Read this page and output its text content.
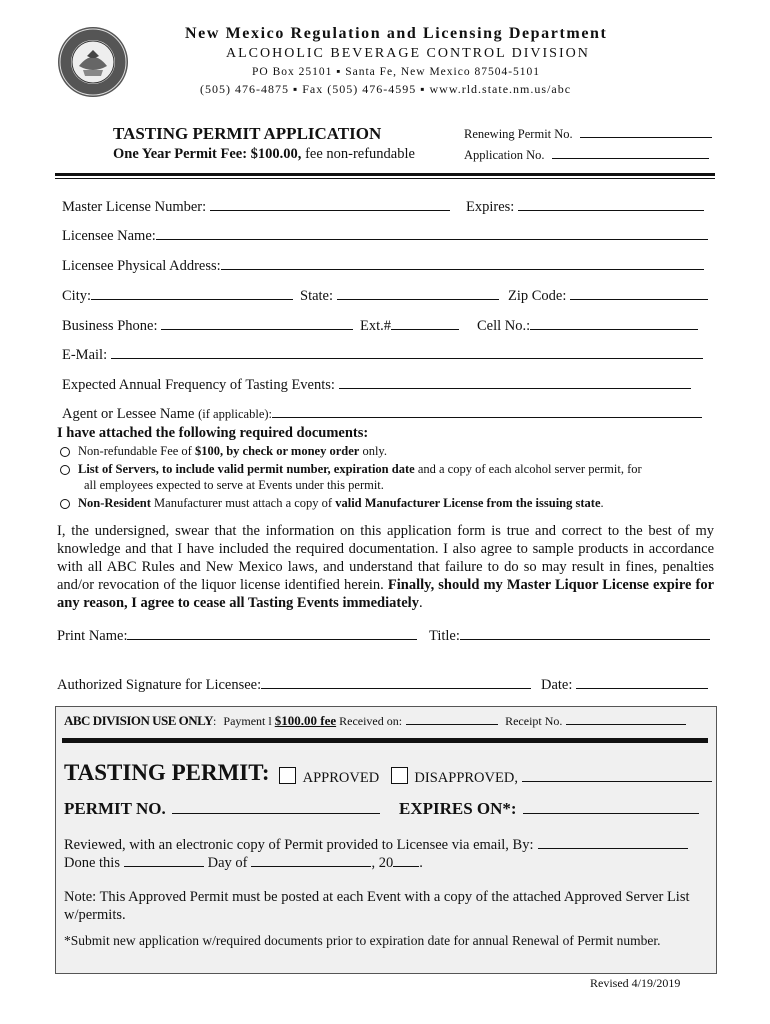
New Mexico Regulation and Licensing Department
ALCOHOLIC BEVERAGE CONTROL DIVISION
PO Box 25101 ▪ Santa Fe, New Mexico 87504-5101
(505) 476-4875 ▪ Fax (505) 476-4595 ▪ www.rld.state.nm.us/abc
TASTING PERMIT APPLICATION
One Year Permit Fee: $100.00, fee non-refundable
Renewing Permit No.
Application No.
Master License Number:	Expires:
Licensee Name:
Licensee Physical Address:
City:	State:	Zip Code:
Business Phone:	Ext.#	Cell No.:
E-Mail:
Expected Annual Frequency of Tasting Events:
Agent or Lessee Name (if applicable):
I have attached the following required documents:
Non-refundable Fee of $100, by check or money order only.
List of Servers, to include valid permit number, expiration date and a copy of each alcohol server permit, for
all employees expected to serve at Events under this permit.
Non-Resident Manufacturer must attach a copy of valid Manufacturer License from the issuing state.
I, the undersigned, swear that the information on this application form is true and correct to the best of my knowledge and that I have included the required documentation. I also agree to sample products in accordance with all ABC Rules and New Mexico laws, and understand that failure to do so may result in fines, penalties and/or revocation of the liquor license identified herein. Finally, should my Master Liquor License expire for any reason, I agree to cease all Tasting Events immediately.
Print Name:	Title:
Authorized Signature for Licensee:	Date:
ABC DIVISION USE ONLY: Payment l $100.00 fee Received on:	Receipt No.
TASTING PERMIT:	APPROVED DISAPPROVED,
PERMIT NO.	EXPIRES ON*:
Reviewed, with an electronic copy of Permit provided to Licensee via email, By:
Done this	Day of	, 20 .
Note: This Approved Permit must be posted at each Event with a copy of the attached Approved Server List w/permits.
*Submit new application w/required documents prior to expiration date for annual Renewal of Permit number.
Revised 4/19/2019
